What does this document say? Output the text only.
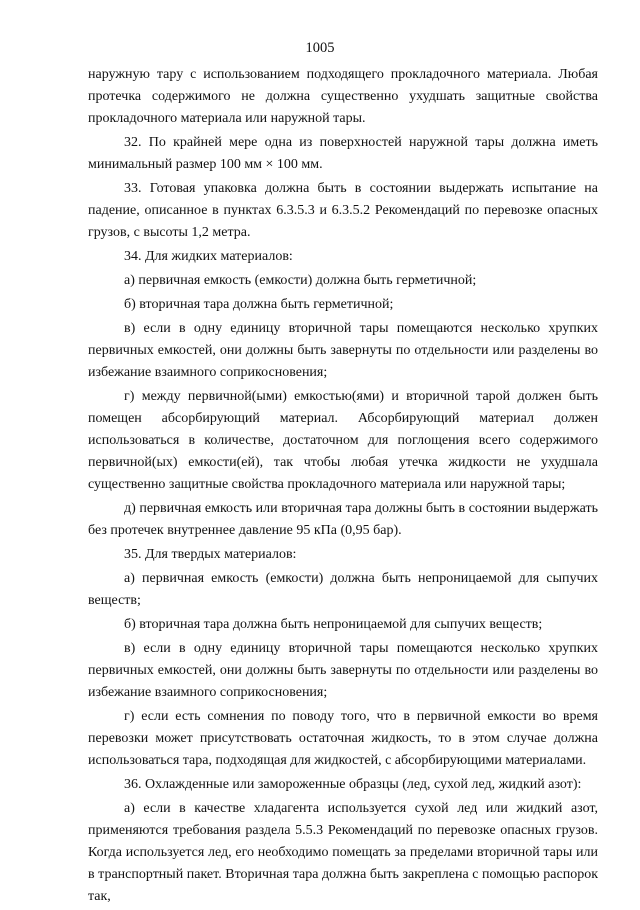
1005

наружную тару с использованием подходящего прокладочного материала. Любая протечка содержимого не должна существенно ухудшать защитные свойства прокладочного материала или наружной тары.

32. По крайней мере одна из поверхностей наружной тары должна иметь минимальный размер 100 мм × 100 мм.

33. Готовая упаковка должна быть в состоянии выдержать испытание на падение, описанное в пунктах 6.3.5.3 и 6.3.5.2 Рекомендаций по перевозке опасных грузов, с высоты 1,2 метра.

34. Для жидких материалов:

а) первичная емкость (емкости) должна быть герметичной;

б) вторичная тара должна быть герметичной;

в) если в одну единицу вторичной тары помещаются несколько хрупких первичных емкостей, они должны быть завернуты по отдельности или разделены во избежание взаимного соприкосновения;

г) между первичной(ыми) емкостью(ями) и вторичной тарой должен быть помещен абсорбирующий материал. Абсорбирующий материал должен использоваться в количестве, достаточном для поглощения всего содержимого первичной(ых) емкости(ей), так чтобы любая утечка жидкости не ухудшала существенно защитные свойства прокладочного материала или наружной тары;

д) первичная емкость или вторичная тара должны быть в состоянии выдержать без протечек внутреннее давление 95 кПа (0,95 бар).

35. Для твердых материалов:

а) первичная емкость (емкости) должна быть непроницаемой для сыпучих веществ;

б) вторичная тара должна быть непроницаемой для сыпучих веществ;

в) если в одну единицу вторичной тары помещаются несколько хрупких первичных емкостей, они должны быть завернуты по отдельности или разделены во избежание взаимного соприкосновения;

г) если есть сомнения по поводу того, что в первичной емкости во время перевозки может присутствовать остаточная жидкость, то в этом случае должна использоваться тара, подходящая для жидкостей, с абсорбирующими материалами.

36. Охлажденные или замороженные образцы (лед, сухой лед, жидкий азот):

а) если в качестве хладагента используется сухой лед или жидкий азот, применяются требования раздела 5.5.3 Рекомендаций по перевозке опасных грузов. Когда используется лед, его необходимо помещать за пределами вторичной тары или в транспортный пакет. Вторичная тара должна быть закреплена с помощью распорок так,
